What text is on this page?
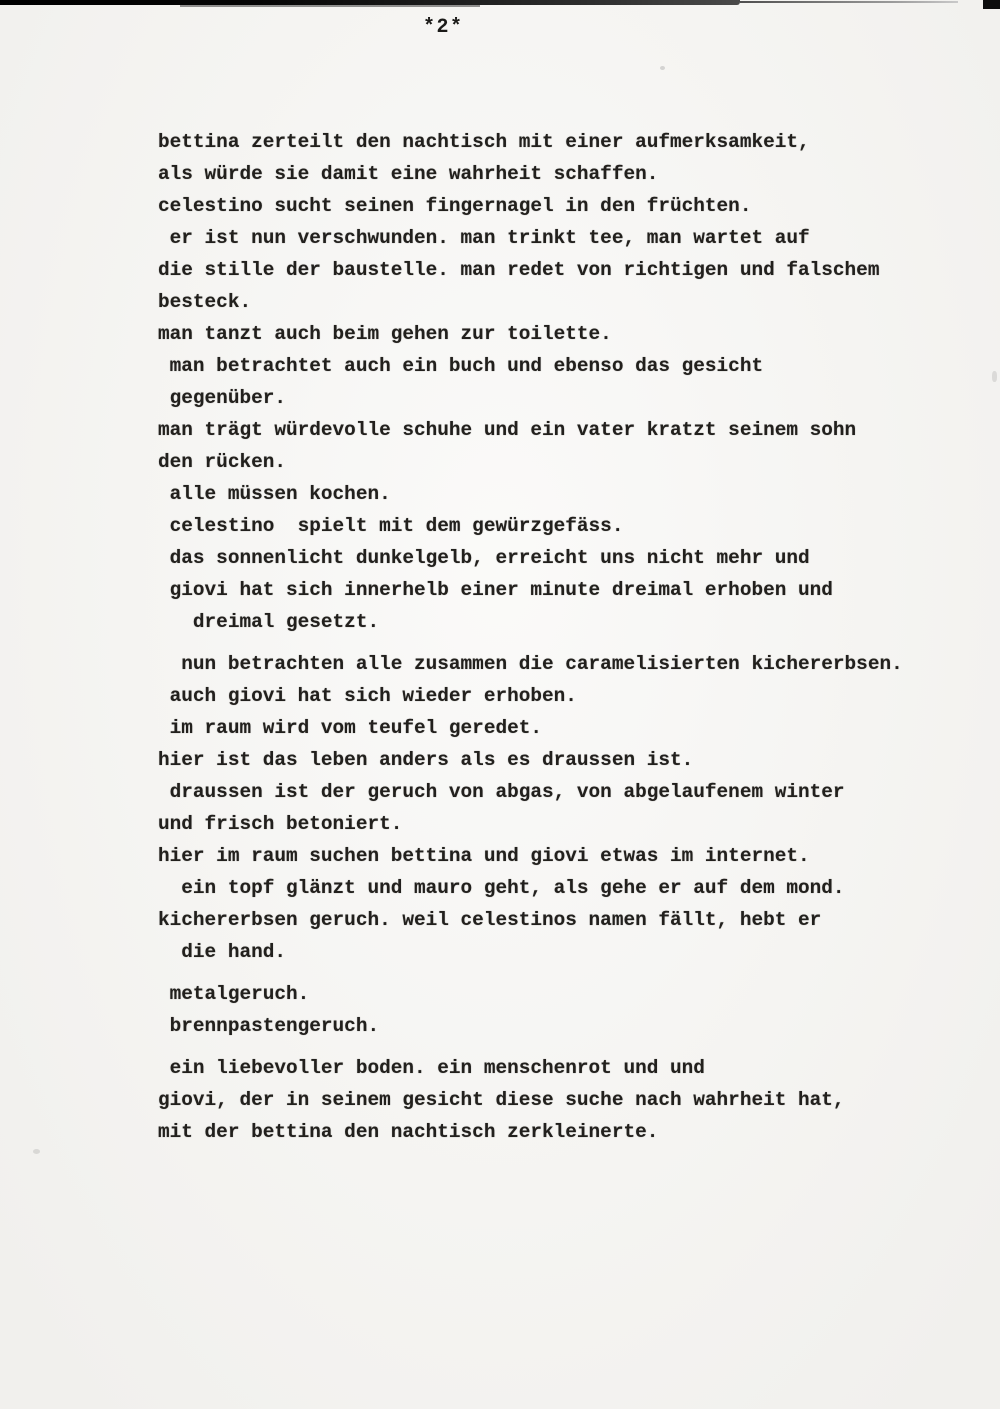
*2*
bettina zerteilt den nachtisch mit einer aufmerksamkeit,
als würde sie damit eine wahrheit schaffen.
celestino sucht seinen fingernagel in den früchten.
er ist nun verschwunden. man trinkt tee, man wartet auf
die stille der baustelle. man redet von richtigen und falschem
besteck.
man tanzt auch beim gehen zur toilette.
man betrachtet auch ein buch und ebenso das gesicht
gegenüber.
man trägt würdevolle schuhe und ein vater kratzt seinem sohn
den rücken.
alle müssen kochen.
celestino  spielt mit dem gewürzgefäss.
das sonnenlicht dunkelgelb, erreicht uns nicht mehr und
giovi hat sich innerhelb einer minute dreimal erhoben und
dreimal gesetzt.
nun betrachten alle zusammen die caramelisierten kichererbsen.
auch giovi hat sich wieder erhoben.
im raum wird vom teufel geredet.
hier ist das leben anders als es draussen ist.
draussen ist der geruch von abgas, von abgelaufenem winter
und frisch betoniert.
hier im raum suchen bettina und giovi etwas im internet.
ein topf glänzt und mauro geht, als gehe er auf dem mond.
kichererbsen geruch. weil celestinos namen fällt, hebt er
die hand.
metalgeruch.
brennpastengeruch.
ein liebevoller boden. ein menschenrot und und
giovi, der in seinem gesicht diese suche nach wahrheit hat,
mit der bettina den nachtisch zerkleinerte.
